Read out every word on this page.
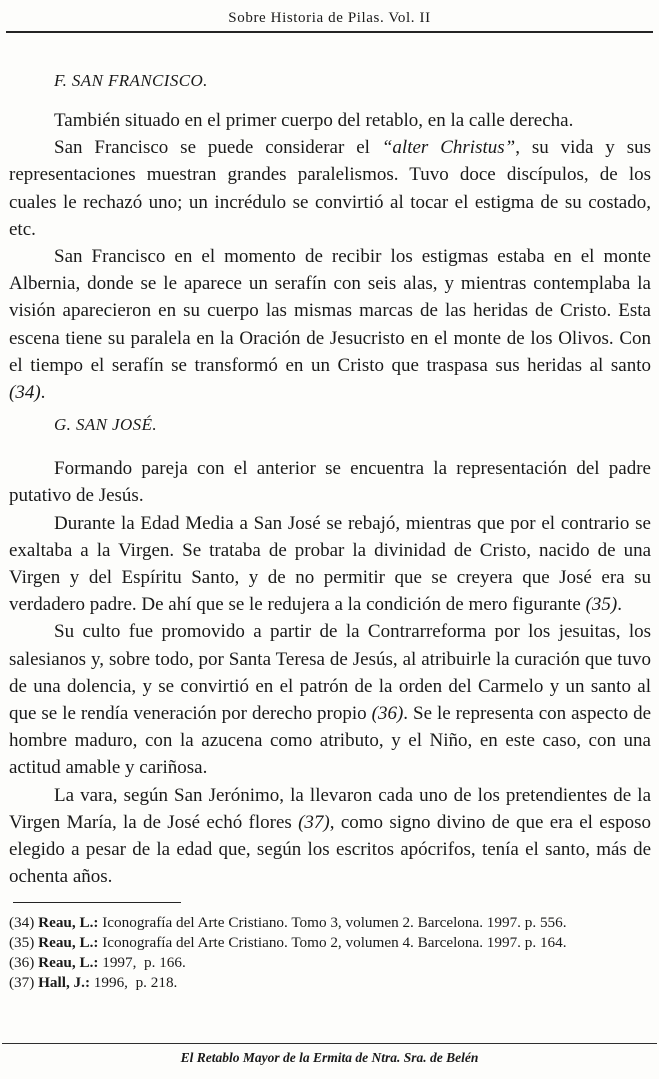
Sobre Historia de Pilas. Vol. II
F. SAN FRANCISCO.

También situado en el primer cuerpo del retablo, en la calle derecha.

San Francisco se puede considerar el “alter Christus”, su vida y sus representaciones muestran grandes paralelismos. Tuvo doce discípulos, de los cuales le rechazó uno; un incrédulo se convirtió al tocar el estigma de su costado, etc.

San Francisco en el momento de recibir los estigmas estaba en el monte Albernia, donde se le aparece un serafín con seis alas, y mientras contemplaba la visión aparecieron en su cuerpo las mismas marcas de las heridas de Cristo. Esta escena tiene su paralela en la Oración de Jesucristo en el monte de los Olivos. Con el tiempo el serafín se transformó en un Cristo que traspasa sus heridas al santo (34).

G. SAN JOSÉ.

Formando pareja con el anterior se encuentra la representación del padre putativo de Jesús.

Durante la Edad Media a San José se rebajó, mientras que por el contrario se exaltaba a la Virgen. Se trataba de probar la divinidad de Cristo, nacido de una Virgen y del Espíritu Santo, y de no permitir que se creyera que José era su verdadero padre. De ahí que se le redujera a la condición de mero figurante (35).

Su culto fue promovido a partir de la Contrarreforma por los jesuitas, los salesianos y, sobre todo, por Santa Teresa de Jesús, al atribuirle la curación que tuvo de una dolencia, y se convirtió en el patrón de la orden del Carmelo y un santo al que se le rendía veneración por derecho propio (36). Se le representa con aspecto de hombre maduro, con la azucena como atributo, y el Niño, en este caso, con una actitud amable y cariñosa.

La vara, según San Jerónimo, la llevaron cada uno de los pretendientes de la Virgen María, la de José echó flores (37), como signo divino de que era el esposo elegido a pesar de la edad que, según los escritos apócrifos, tenía el santo, más de ochenta años.

(34) Reau, L.: Iconografía del Arte Cristiano. Tomo 3, volumen 2. Barcelona. 1997. p. 556.
(35) Reau, L.: Iconografía del Arte Cristiano. Tomo 2, volumen 4. Barcelona. 1997. p. 164.
(36) Reau, L.: 1997,  p. 166.
(37) Hall, J.: 1996,  p. 218.
El Retablo Mayor de la Ermita de Ntra. Sra. de Belén
